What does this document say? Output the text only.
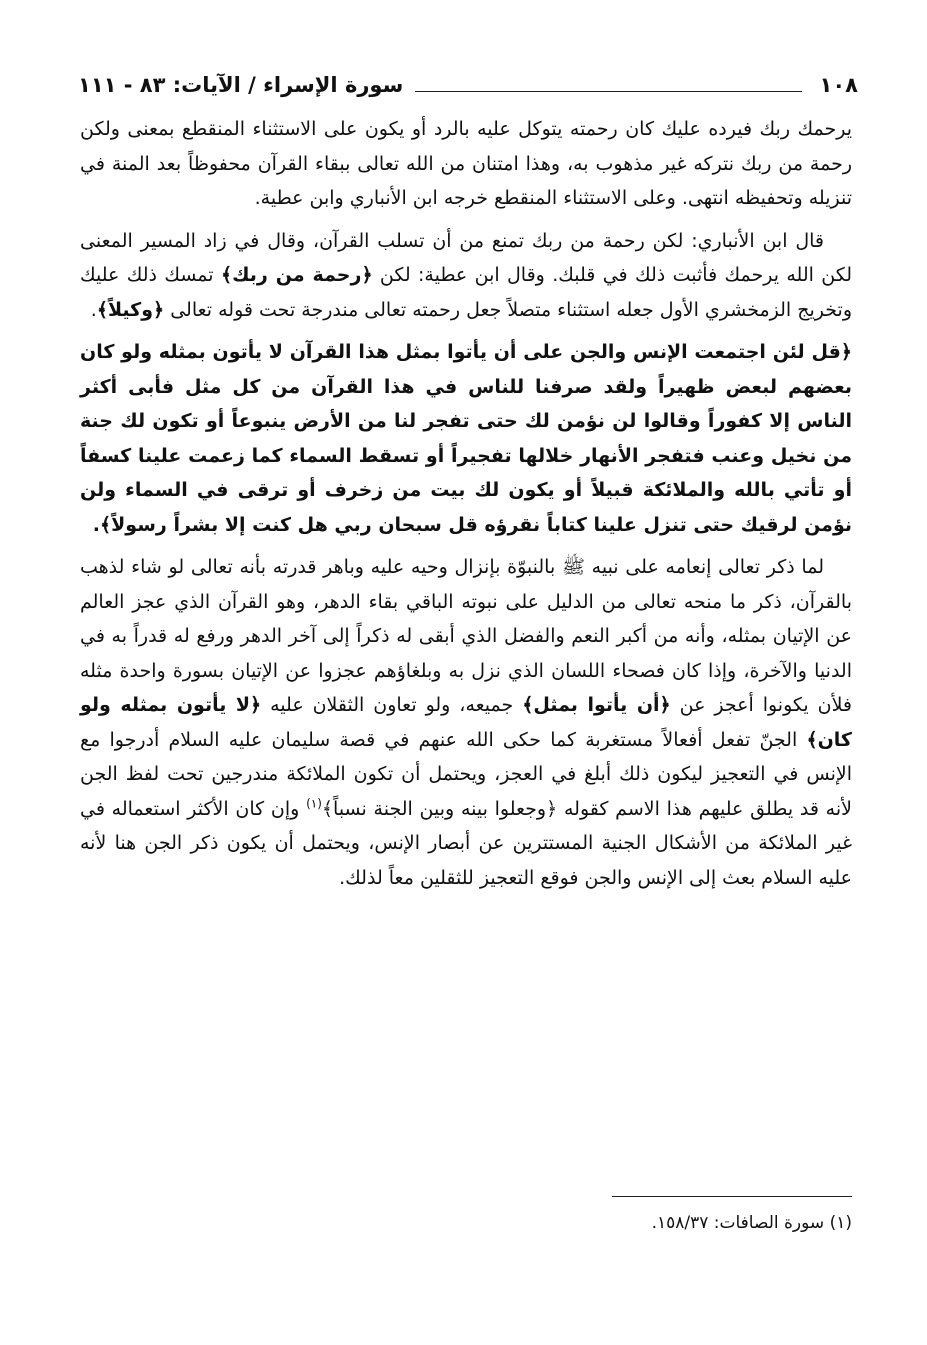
١٠٨
سورة الإسراء / الآيات: ٨٣ - ١١١

يرحمك ربك فيرده عليك كان رحمته يتوكل عليه بالرد أو يكون على الاستثناء المنقطع بمعنى ولكن رحمة من ربك نتركه غير مذهوب به، وهذا امتنان من الله تعالى ببقاء القرآن محفوظاً بعد المنة في تنزيله وتحفيظه انتهى. وعلى الاستثناء المنقطع خرجه ابن الأنباري وابن عطية.

قال ابن الأنباري: لكن رحمة من ربك تمنع من أن تسلب القرآن، وقال في زاد المسير المعنى لكن الله يرحمك فأثبت ذلك في قلبك. وقال ابن عطية: لكن ﴿رحمة من ربك﴾ تمسك ذلك عليك وتخريج الزمخشري الأول جعله استثناء متصلاً جعل رحمته تعالى مندرجة تحت قوله تعالى ﴿وكيلاً﴾.

﴿قل لئن اجتمعت الإنس والجن على أن يأتوا بمثل هذا القرآن لا يأتون بمثله ولو كان بعضهم لبعض ظهيراً ولقد صرفنا للناس في هذا القرآن من كل مثل فأبى أكثر الناس إلا كفوراً وقالوا لن نؤمن لك حتى تفجر لنا من الأرض ينبوعاً أو تكون لك جنة من نخيل وعنب فتفجر الأنهار خلالها تفجيراً أو تسقط السماء كما زعمت علينا كسفاً أو تأتي بالله والملائكة قبيلاً أو يكون لك بيت من زخرف أو ترقى في السماء ولن نؤمن لرقيك حتى تنزل علينا كتاباً نقرؤه قل سبحان ربي هل كنت إلا بشراً رسولاً﴾.

لما ذكر تعالى إنعامه على نبيه ﷺ بالنبوّة بإنزال وحيه عليه وباهر قدرته بأنه تعالى لو شاء لذهب بالقرآن، ذكر ما منحه تعالى من الدليل على نبوته الباقي بقاء الدهر، وهو القرآن الذي عجز العالم عن الإتيان بمثله، وأنه من أكبر النعم والفضل الذي أبقى له ذكراً إلى آخر الدهر ورفع له قدراً به في الدنيا والآخرة، وإذا كان فصحاء اللسان الذي نزل به وبلغاؤهم عجزوا عن الإتيان بسورة واحدة مثله فلأن يكونوا أعجز عن ﴿أن يأتوا بمثل﴾ جميعه، ولو تعاون الثقلان عليه ﴿لا يأتون بمثله ولو كان﴾ الجنّ تفعل أفعالاً مستغربة كما حكى الله عنهم في قصة سليمان عليه السلام أدرجوا مع الإنس في التعجيز ليكون ذلك أبلغ في العجز، ويحتمل أن تكون الملائكة مندرجين تحت لفظ الجن لأنه قد يطلق عليهم هذا الاسم كقوله ﴿وجعلوا بينه وبين الجنة نسباً﴾$^{(١)}$ وإن كان الأكثر استعماله في غير الملائكة من الأشكال الجنية المستترين عن أبصار الإنس، ويحتمل أن يكون ذكر الجن هنا لأنه عليه السلام بعث إلى الإنس والجن فوقع التعجيز للثقلين معاً لذلك.

(١) سورة الصافات: ١٥٨/٣٧.
